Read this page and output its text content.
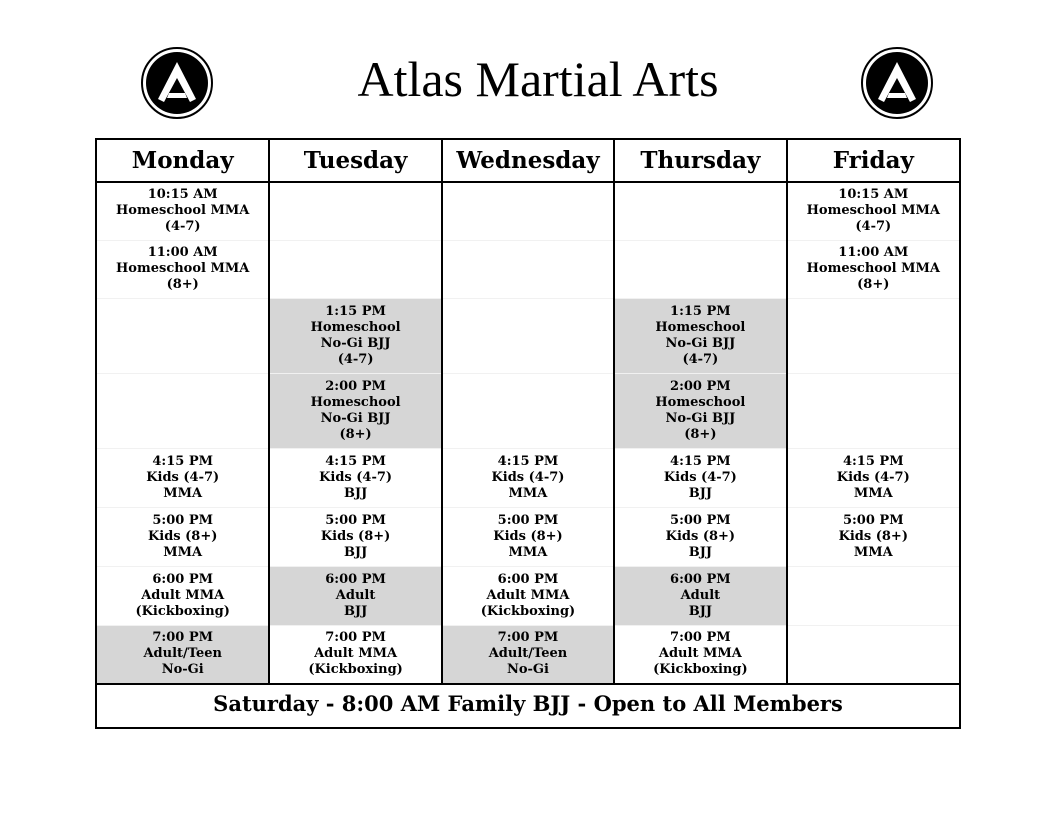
Atlas Martial Arts
Monday	Tuesday	Wednesday	Thursday	Friday

10:15 AM
Homeschool MMA
(4-7)				10:15 AM
Homeschool MMA
(4-7)

11:00 AM
Homeschool MMA
(8+)				11:00 AM
Homeschool MMA
(8+)

	1:15 PM
Homeschool
No-Gi BJJ
(4-7)		1:15 PM
Homeschool
No-Gi BJJ
(4-7)	

	2:00 PM
Homeschool
No-Gi BJJ
(8+)		2:00 PM
Homeschool
No-Gi BJJ
(8+)	

4:15 PM
Kids (4-7)
MMA	4:15 PM
Kids (4-7)
BJJ	4:15 PM
Kids (4-7)
MMA	4:15 PM
Kids (4-7)
BJJ	4:15 PM
Kids (4-7)
MMA

5:00 PM
Kids (8+)
MMA	5:00 PM
Kids (8+)
BJJ	5:00 PM
Kids (8+)
MMA	5:00 PM
Kids (8+)
BJJ	5:00 PM
Kids (8+)
MMA

6:00 PM
Adult MMA
(Kickboxing)	6:00 PM
Adult
BJJ	6:00 PM
Adult MMA
(Kickboxing)	6:00 PM
Adult
BJJ	

7:00 PM
Adult/Teen
No-Gi	7:00 PM
Adult MMA
(Kickboxing)	7:00 PM
Adult/Teen
No-Gi	7:00 PM
Adult MMA
(Kickboxing)	

Saturday - 8:00 AM Family BJJ - Open to All Members				
